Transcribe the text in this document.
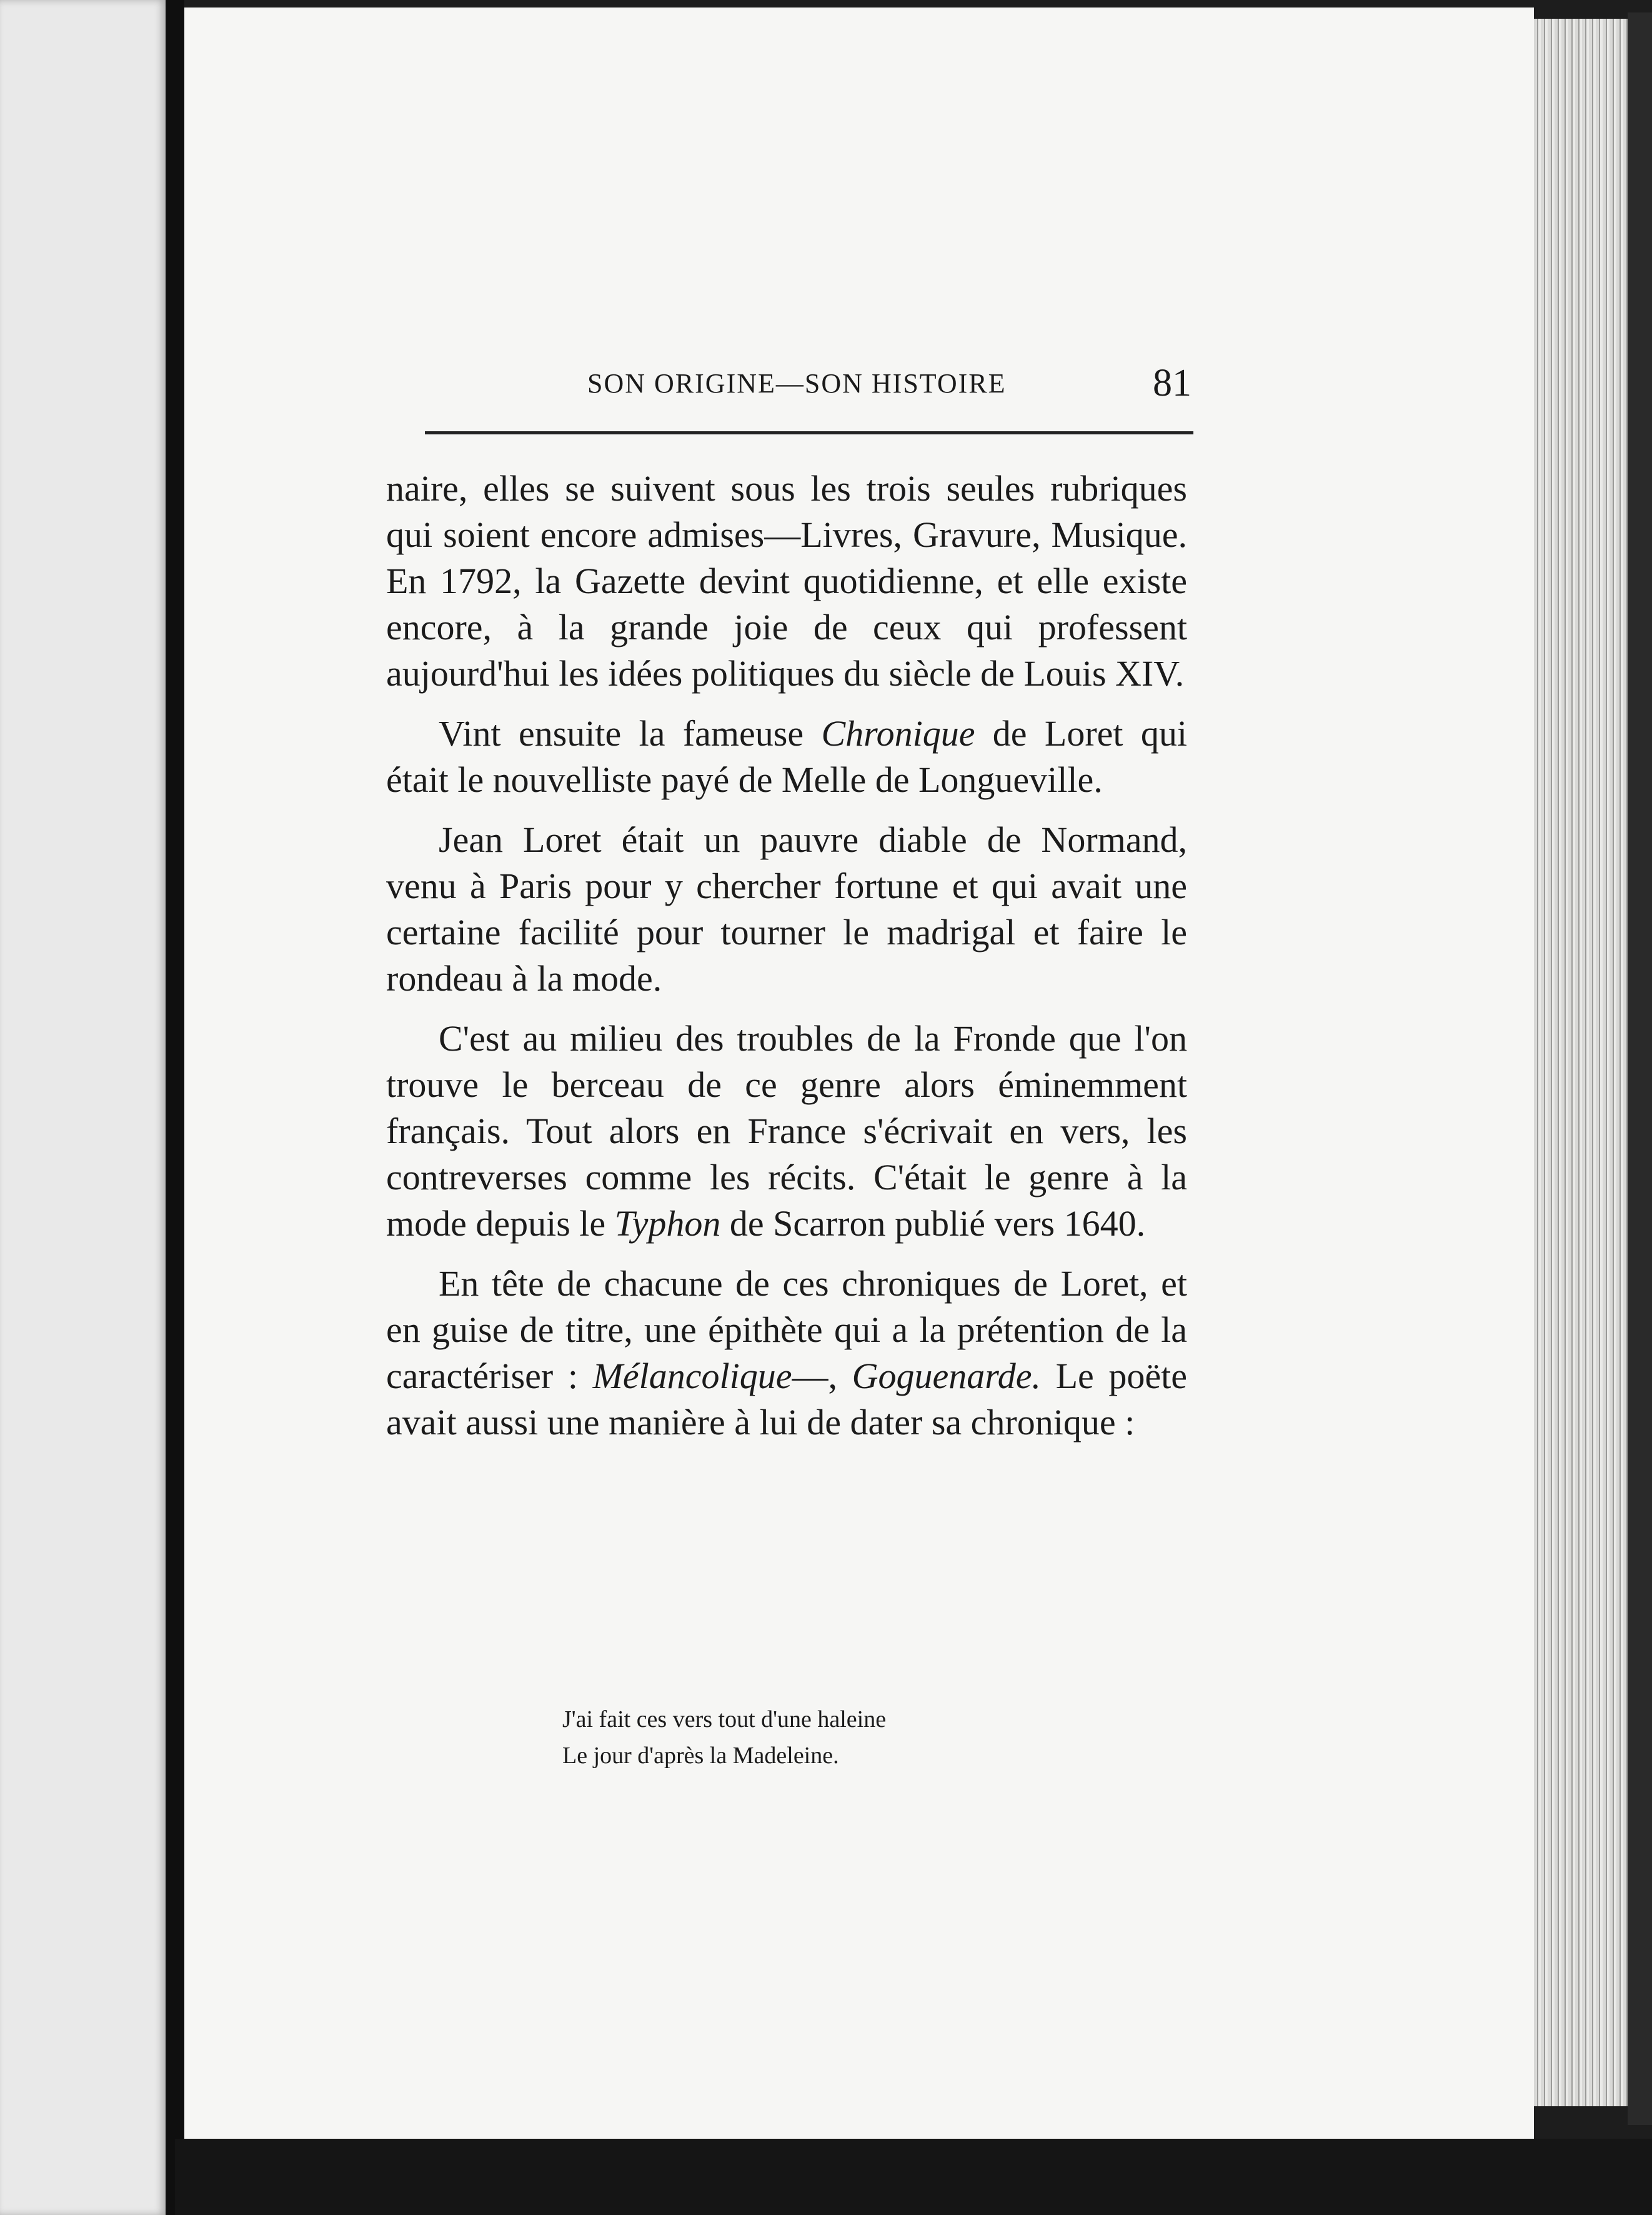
SON ORIGINE—SON HISTOIRE	81

naire, elles se suivent sous les trois seules rubriques qui soient encore admises—Livres, Gravure, Musique. En 1792, la Gazette devint quotidienne, et elle existe encore, à la grande joie de ceux qui professent aujourd'hui les idées politiques du siècle de Louis XIV.

Vint ensuite la fameuse Chronique de Loret qui était le nouvelliste payé de Melle de Longueville.

Jean Loret était un pauvre diable de Normand, venu à Paris pour y chercher fortune et qui avait une certaine facilité pour tourner le madrigal et faire le rondeau à la mode.

C'est au milieu des troubles de la Fronde que l'on trouve le berceau de ce genre alors éminemment français. Tout alors en France s'écrivait en vers, les contreverses comme les récits. C'était le genre à la mode depuis le Typhon de Scarron publié vers 1640.

En tête de chacune de ces chroniques de Loret, et en guise de titre, une épithète qui a la prétention de la caractériser : Mélancolique—, Goguenarde. Le poëte avait aussi une manière à lui de dater sa chronique :

J'ai fait ces vers tout d'une haleine
Le jour d'après la Madeleine.
